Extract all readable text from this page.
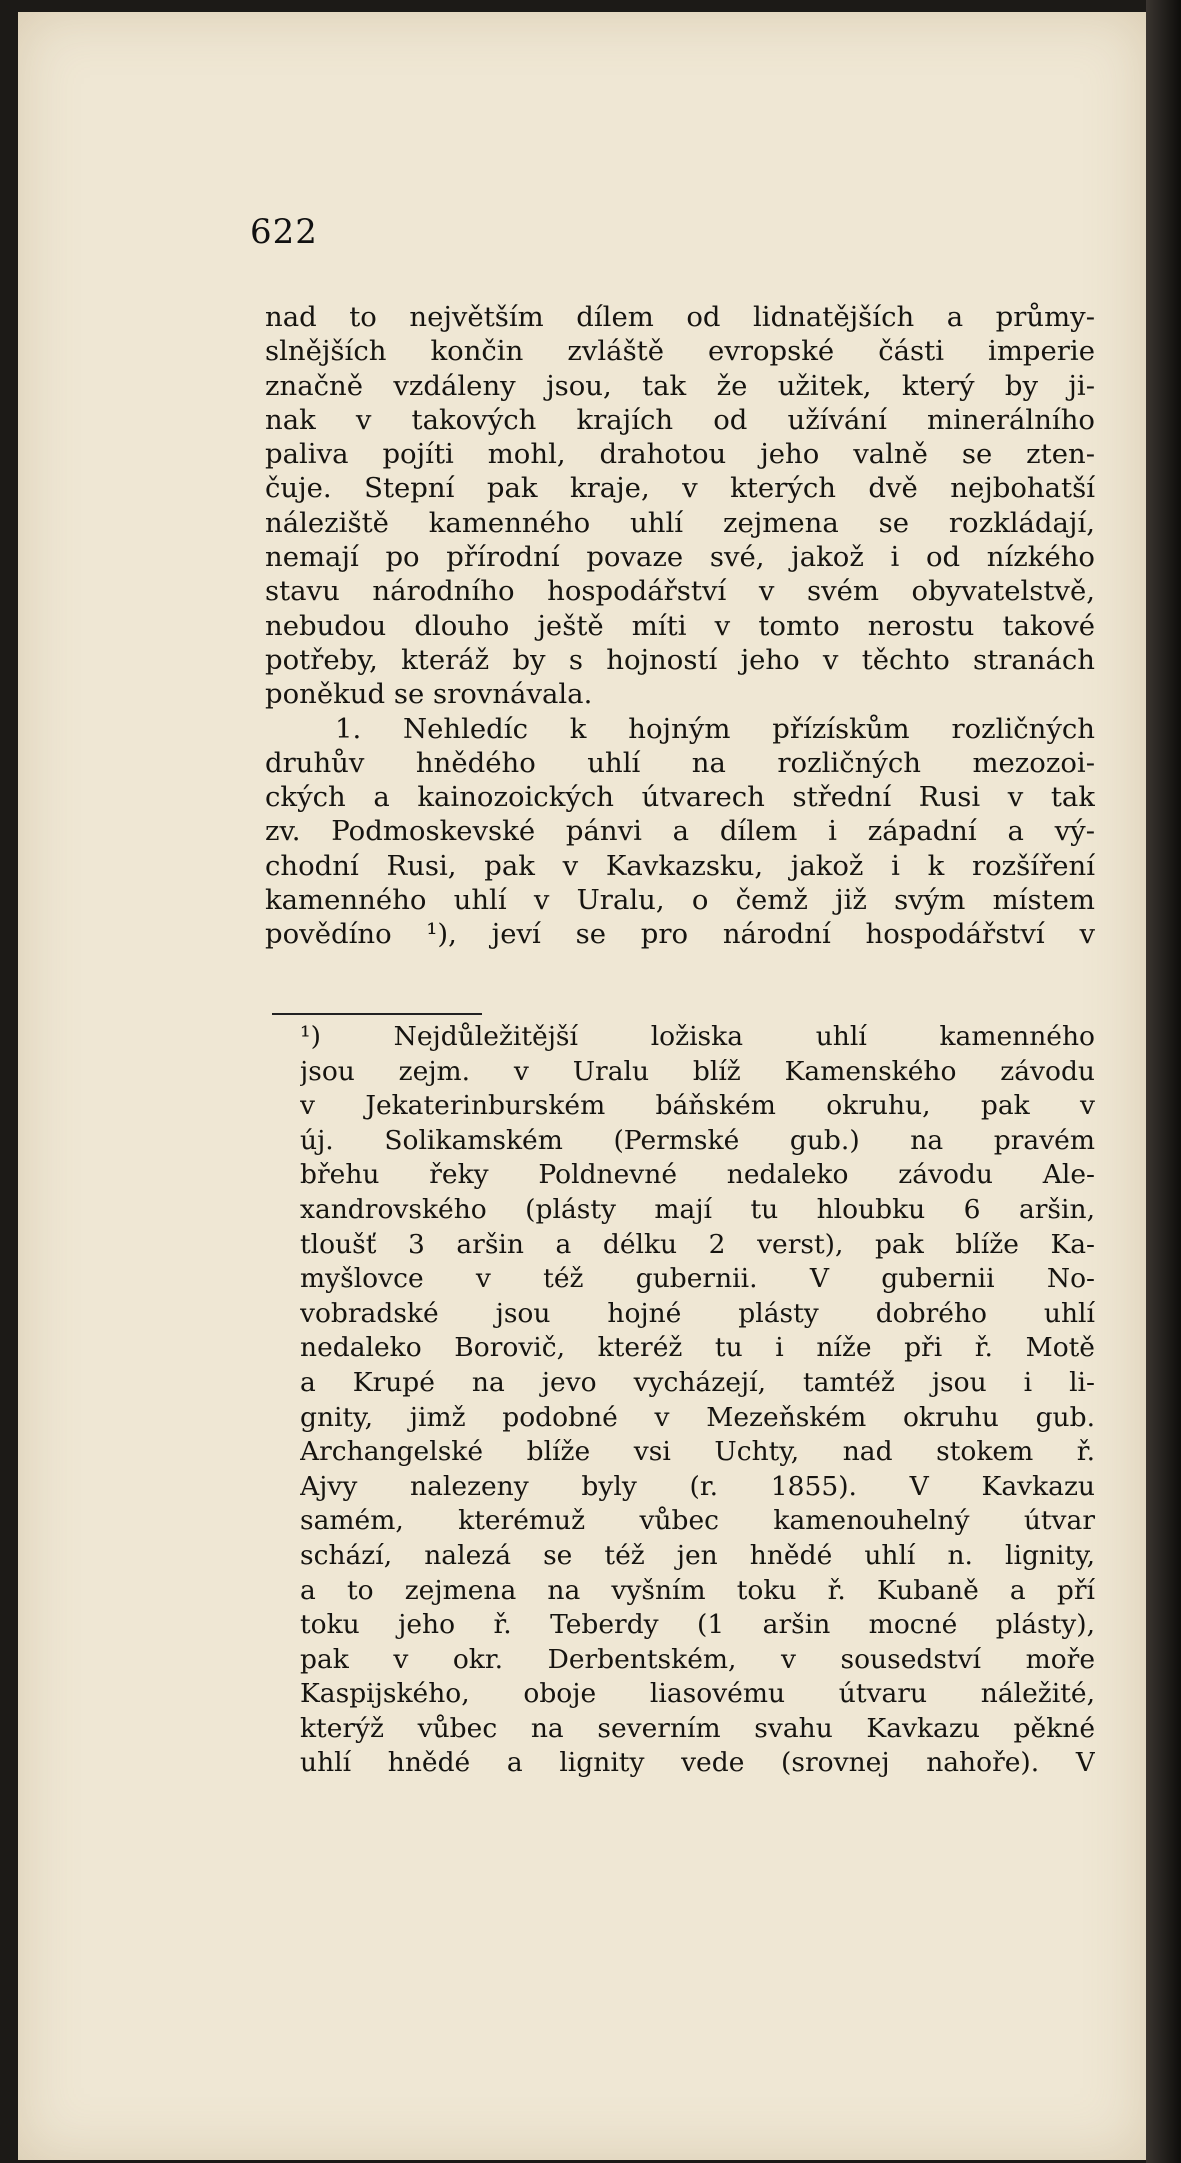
622
nad to největším dílem od lidnatějších a průmy-
slnějších končin zvláště evropské části imperie
značně vzdáleny jsou, tak že užitek, který by ji-
nak v takových krajích od užívání minerálního
paliva pojíti mohl, drahotou jeho valně se zten-
čuje. Stepní pak kraje, v kterých dvě nejbohatší
náleziště kamenného uhlí zejmena se rozkládají,
nemají po přírodní povaze své, jakož i od nízkého
stavu národního hospodářství v svém obyvatelstvě,
nebudou dlouho ještě míti v tomto nerostu takové
potřeby, kteráž by s hojností jeho v těchto stranách
poněkud se srovnávala.
1. Nehledíc k hojným přízískům rozličných
druhův hnědého uhlí na rozličných mezozoi-
ckých a kainozoických útvarech střední Rusi v tak
zv. Podmoskevské pánvi a dílem i západní a vý-
chodní Rusi, pak v Kavkazsku, jakož i k rozšíření
kamenného uhlí v Uralu, o čemž již svým místem
povědíno ¹), jeví se pro národní hospodářství v
¹) Nejdůležitější ložiska uhlí kamenného
jsou zejm. v Uralu blíž Kamenského závodu
v Jekaterinburském báňském okruhu, pak v
új. Solikamském (Permské gub.) na pravém
břehu řeky Poldnevné nedaleko závodu Ale-
xandrovského (plásty mají tu hloubku 6 aršin,
tloušť 3 aršin a délku 2 verst), pak blíže Ka-
myšlovce v též gubernii. V gubernii No-
vobradské jsou hojné plásty dobrého uhlí
nedaleko Borovič, kteréž tu i níže při ř. Motě
a Krupé na jevo vycházejí, tamtéž jsou i li-
gnity, jimž podobné v Mezeňském okruhu gub.
Archangelské blíže vsi Uchty, nad stokem ř.
Ajvy nalezeny byly (r. 1855). V Kavkazu
samém, kterémuž vůbec kamenouhelný útvar
schází, nalezá se též jen hnědé uhlí n. lignity,
a to zejmena na vyšním toku ř. Kubaně a pří
toku jeho ř. Teberdy (1 aršin mocné plásty),
pak v okr. Derbentském, v sousedství moře
Kaspijského, oboje liasovému útvaru náležité,
kterýž vůbec na severním svahu Kavkazu pěkné
uhlí hnědé a lignity vede (srovnej nahoře). V
